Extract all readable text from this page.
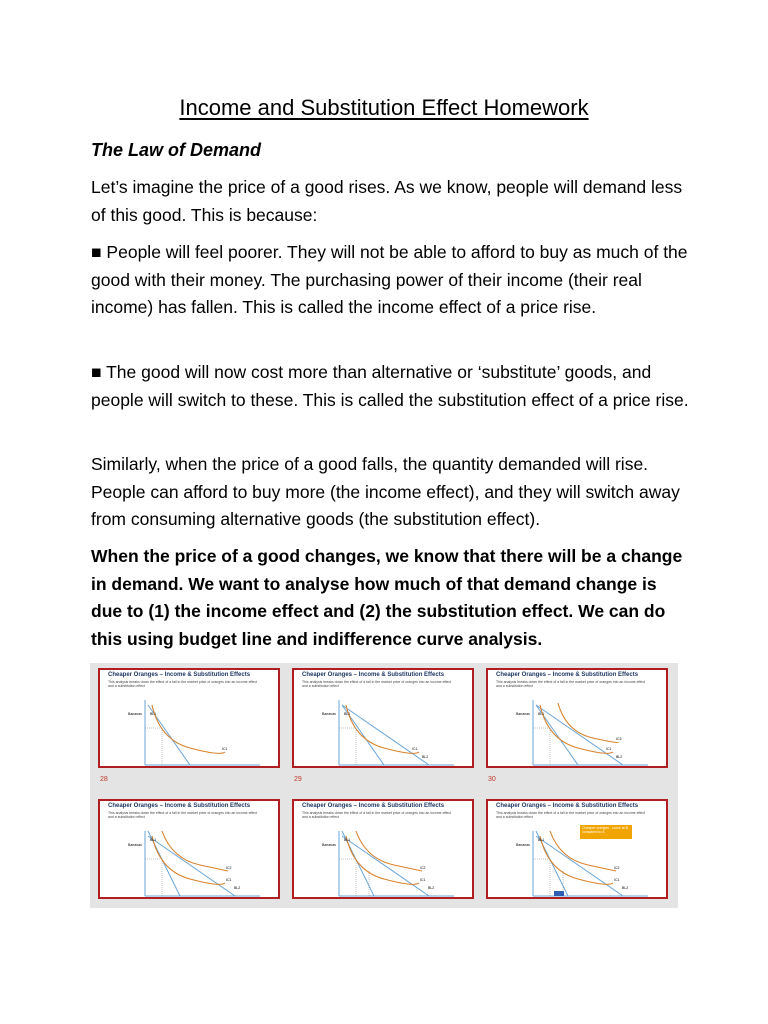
Income and Substitution Effect Homework
The Law of Demand

Let’s imagine the price of a good rises. As we know, people will demand less of this good. This is because:

■ People will feel poorer. They will not be able to afford to buy as much of the good with their money. The purchasing power of their income (their real income) has fallen. This is called the income effect of a price rise.

■ The good will now cost more than alternative or ‘substitute’ goods, and people will switch to these. This is called the substitution effect of a price rise.

Similarly, when the price of a good falls, the quantity demanded will rise. People can afford to buy more (the income effect), and they will switch away from consuming alternative goods (the substitution effect).

When the price of a good changes, we know that there will be a change in demand. We want to analyse how much of that demand change is due to (1) the income effect and (2) the substitution effect. We can do this using budget line and indifference curve analysis.

Cheaper Oranges – Income & Substitution Effects
This analysis breaks down the effect of a fall in the market price of oranges into an income effect and a substitution effect
Bananas
Oranges
BL1
IC1
A
28
Cheaper Oranges – Income & Substitution Effects
This analysis breaks down the effect of a fall in the market price of oranges into an income effect and a substitution effect
Bananas
Oranges
BL1
IC1
BL2
A
29
Cheaper Oranges – Income & Substitution Effects
This analysis breaks down the effect of a fall in the market price of oranges into an income effect and a substitution effect
Bananas
Oranges
BL1
IC3
IC1
BL2
A
30
Cheaper Oranges – Income & Substitution Effects
This analysis breaks down the effect of a fall in the market price of oranges into an income effect and a substitution effect
Bananas
Oranges
BL1
IC2
IC1
BL2
A
Cheaper Oranges – Income & Substitution Effects
This analysis breaks down the effect of a fall in the market price of oranges into an income effect and a substitution effect
Bananas
Oranges
BL1
IC2
IC1
BL2
A	B
Cheaper Oranges – Income & Substitution Effects
This analysis breaks down the effect of a fall in the market price of oranges into an income effect and a substitution effect
Bananas
Oranges
BL1
IC2
IC1
BL2
A	B
Cheaper oranges - curve at B compared to A
